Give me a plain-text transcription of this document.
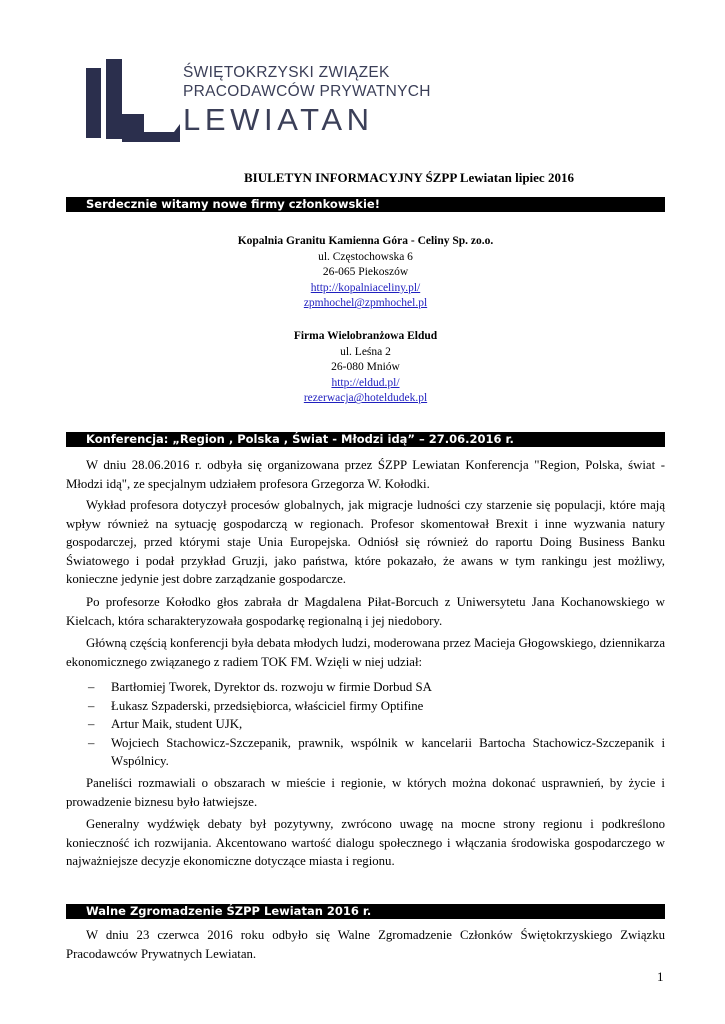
ŚWIĘTOKRZYSKI ZWIĄZEK
PRACODAWCÓW PRYWATNYCH
LEWIATAN
BIULETYN INFORMACYJNY ŚZPP Lewiatan lipiec 2016
Serdecznie witamy nowe firmy członkowskie!
Kopalnia Granitu Kamienna Góra - Celiny Sp. zo.o.
ul. Częstochowska 6
26-065 Piekoszów
http://kopalniaceliny.pl/
zpmhochel@zpmhochel.pl
Firma Wielobranżowa Eldud
ul. Leśna 2
26-080 Mniów
http://eldud.pl/
rezerwacja@hoteldudek.pl
Konferencja: „Region , Polska , Świat - Młodzi idą” – 27.06.2016 r.

W dniu 28.06.2016 r. odbyła się organizowana przez ŚZPP Lewiatan Konferencja "Region, Polska, świat - Młodzi idą", ze specjalnym udziałem profesora Grzegorza W. Kołodki.

Wykład profesora dotyczył procesów globalnych, jak migracje ludności czy starzenie się populacji, które mają wpływ również na sytuację gospodarczą w regionach. Profesor skomentował Brexit i inne wyzwania natury gospodarczej, przed którymi staje Unia Europejska. Odniósł się również do raportu Doing Business Banku Światowego i podał przykład Gruzji, jako państwa, które pokazało, że awans w tym rankingu jest możliwy, konieczne jedynie jest dobre zarządzanie gospodarcze.

Po profesorze Kołodko głos zabrała dr Magdalena Piłat-Borcuch z Uniwersytetu Jana Kochanowskiego w Kielcach, która scharakteryzowała gospodarkę regionalną i jej niedobory.

Główną częścią konferencji była debata młodych ludzi, moderowana przez Macieja Głogowskiego, dziennikarza ekonomicznego związanego z radiem TOK FM. Wzięli w niej udział:

– Bartłomiej Tworek, Dyrektor ds. rozwoju w firmie Dorbud SA
– Łukasz Szpaderski, przedsiębiorca, właściciel firmy Optifine
– Artur Maik, student UJK,
– Wojciech Stachowicz-Szczepanik, prawnik, wspólnik w kancelarii Bartocha Stachowicz-Szczepanik i Wspólnicy.

Paneliści rozmawiali o obszarach w mieście i regionie, w których można dokonać usprawnień, by życie i prowadzenie biznesu było łatwiejsze.

Generalny wydźwięk debaty był pozytywny, zwrócono uwagę na mocne strony regionu i podkreślono konieczność ich rozwijania. Akcentowano wartość dialogu społecznego i włączania środowiska gospodarczego w najważniejsze decyzje ekonomiczne dotyczące miasta i regionu.

Walne Zgromadzenie ŚZPP Lewiatan 2016 r.

W dniu 23 czerwca 2016 roku odbyło się Walne Zgromadzenie Członków Świętokrzyskiego Związku Pracodawców Prywatnych Lewiatan.

1
